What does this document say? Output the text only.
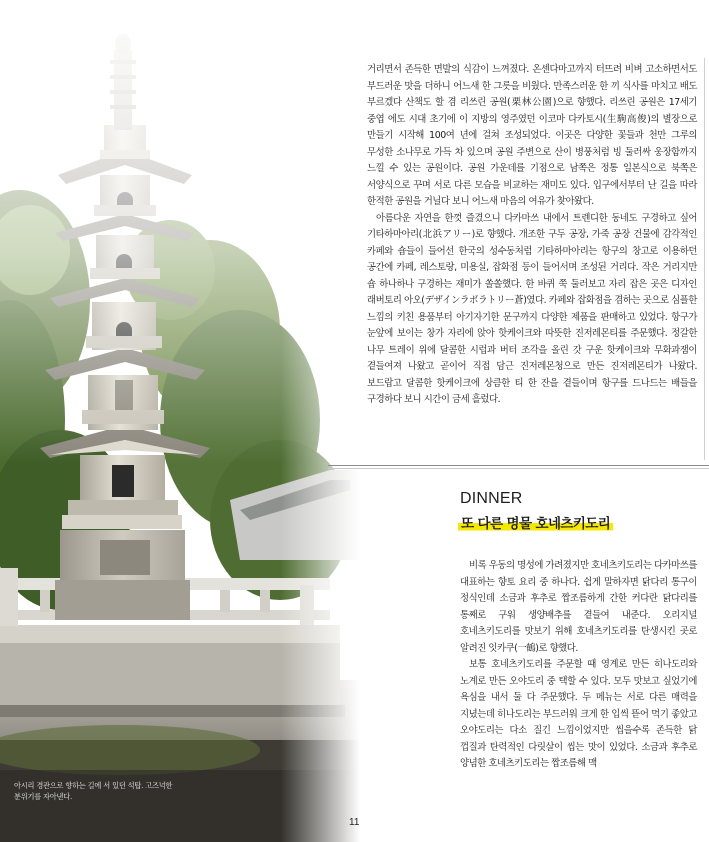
아시리 경관으로 향하는 길에 서 있던 석탑. 고즈넉한 분위기를 자아낸다.

거리면서 존득한 면발의 식감이 느껴졌다. 온센다마고까지 터뜨려 비벼 고소하면서도 부드러운 맛을 더하니 어느새 한 그릇을 비웠다. 만족스러운 한 끼 식사를 마치고 배도 부르겠다 산책도 할 겸 리쓰린 공원(栗林公園)으로 향했다. 리쓰린 공원은 17세기 중엽 에도 시대 초기에 이 지방의 영주였던 이코마 다카토시(生駒高俊)의 별장으로 만들기 시작해 100여 년에 걸쳐 조성되었다. 이곳은 다양한 꽃들과 천만 그루의 무성한 소나무로 가득 차 있으며 공원 주변으로 산이 병풍처럼 빙 둘러싸 웅장함까지 느낄 수 있는 공원이다. 공원 가운데를 기점으로 남쪽은 정통 일본식으로 북쪽은 서양식으로 꾸며 서로 다른 모습을 비교하는 재미도 있다. 입구에서부터 난 길을 따라 한적한 공원을 거닐다 보니 어느새 마음의 여유가 찾아왔다.

아름다운 자연을 한껏 즐겼으니 다카마쓰 내에서 트렌디한 동네도 구경하고 싶어 기타하마아리(北浜アリー)로 향했다. 개조한 구두 공장, 가죽 공장 건물에 감각적인 카페와 숍들이 들어선 한국의 성수동처럼 기타하마아리는 항구의 창고로 이용하던 공간에 카페, 레스토랑, 미용실, 잡화점 등이 들어서며 조성된 거리다. 작은 거리지만 숍 하나하나 구경하는 재미가 쏠쏠했다. 한 바퀴 쭉 둘러보고 자리 잡은 곳은 디자인 래버토리 아오(デザインラボラトリー蒼)였다. 카페와 잡화점을 겸하는 곳으로 심플한 느낌의 키친 용품부터 아기자기한 문구까지 다양한 제품을 판매하고 있었다. 항구가 눈앞에 보이는 창가 자리에 앉아 핫케이크와 따뜻한 진저레몬티를 주문했다. 정갈한 나무 트레이 위에 달콤한 시럽과 버터 조각을 올린 갓 구운 핫케이크와 무화과잼이 곁들여져 나왔고 곧이어 직접 담근 진저레몬청으로 만든 진저레몬티가 나왔다. 보드랍고 달콤한 핫케이크에 상큼한 티 한 잔을 곁들이며 항구를 드나드는 배들을 구경하다 보니 시간이 금세 흘렀다.

DINNER
또 다른 명물 호네츠키도리

비록 우동의 명성에 가려졌지만 호네츠키도리는 다카마쓰를 대표하는 향토 요리 중 하나다. 쉽게 말하자면 닭다리 통구이 정식인데 소금과 후추로 짭조름하게 간한 커다란 닭다리를 통째로 구워 생양배추를 곁들여 내준다. 오리지널 호네츠키도리를 맛보기 위해 호네츠키도리를 탄생시킨 곳로 알려진 잇카쿠(一鶴)로 향했다.

보통 호네츠키도리를 주문할 때 영계로 만든 히나도리와 노계로 만든 오야도리 중 택할 수 있다. 모두 맛보고 싶었기에 욕심을 내서 둘 다 주문했다. 두 메뉴는 서로 다른 매력을 지녔는데 히나도리는 부드러워 크게 한 입씩 뜯어 먹기 좋았고 오야도리는 다소 질긴 느낌이었지만 씹을수록 존득한 닭 껍질과 탄력적인 다릿살이 씹는 맛이 있었다. 소금과 후추로 양념한 호네츠키도리는 짭조름해 맥

11
